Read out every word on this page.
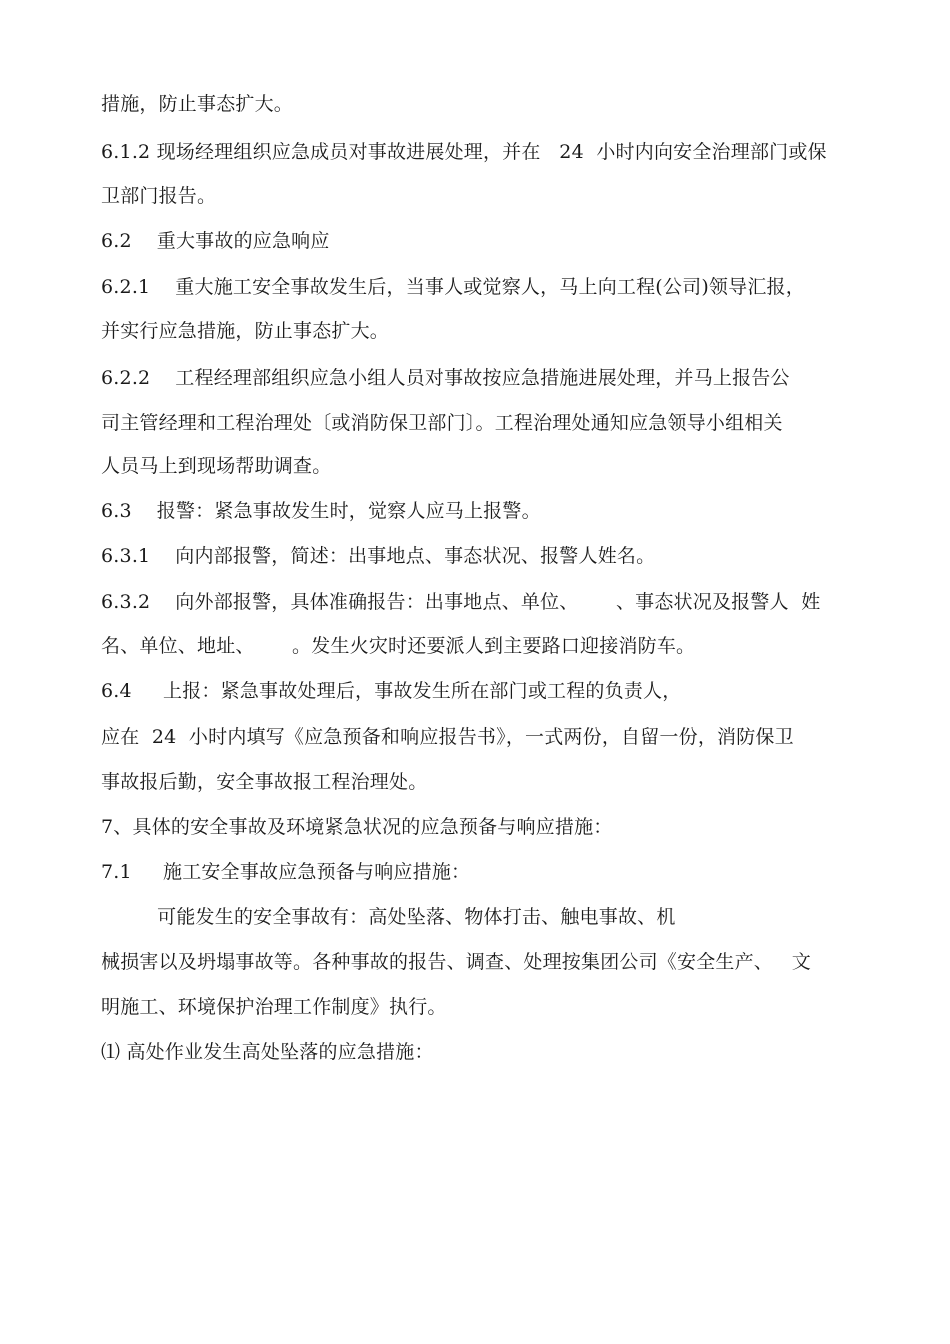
措施，防止事态扩大。
6.1.2 现场经理组织应急成员对事故进展处理，并在   24  小时内向安全治理部门或保
卫部门报告。
6.2    重大事故的应急响应
6.2.1    重大施工安全事故发生后，当事人或觉察人，马上向工程(公司)领导汇报，
并实行应急措施，防止事态扩大。
6.2.2    工程经理部组织应急小组人员对事故按应急措施进展处理，并马上报告公
司主管经理和工程治理处〔或消防保卫部门〕。工程治理处通知应急领导小组相关
人员马上到现场帮助调查。
6.3    报警：紧急事故发生时，觉察人应马上报警。
6.3.1    向内部报警，简述：出事地点、事态状况、报警人姓名。
6.3.2    向外部报警，具体准确报告：出事地点、单位、      、事态状况及报警人  姓
名、单位、地址、      。发生火灾时还要派人到主要路口迎接消防车。
6.4     上报：紧急事故处理后，事故发生所在部门或工程的负责人，
应在  24  小时内填写《应急预备和响应报告书》，一式两份，自留一份，消防保卫
事故报后勤，安全事故报工程治理处。
7、具体的安全事故及环境紧急状况的应急预备与响应措施：
7.1     施工安全事故应急预备与响应措施：
可能发生的安全事故有：高处坠落、物体打击、触电事故、机
械损害以及坍塌事故等。各种事故的报告、调查、处理按集团公司《安全生产、   文
明施工、环境保护治理工作制度》执行。
⑴ 高处作业发生高处坠落的应急措施：
